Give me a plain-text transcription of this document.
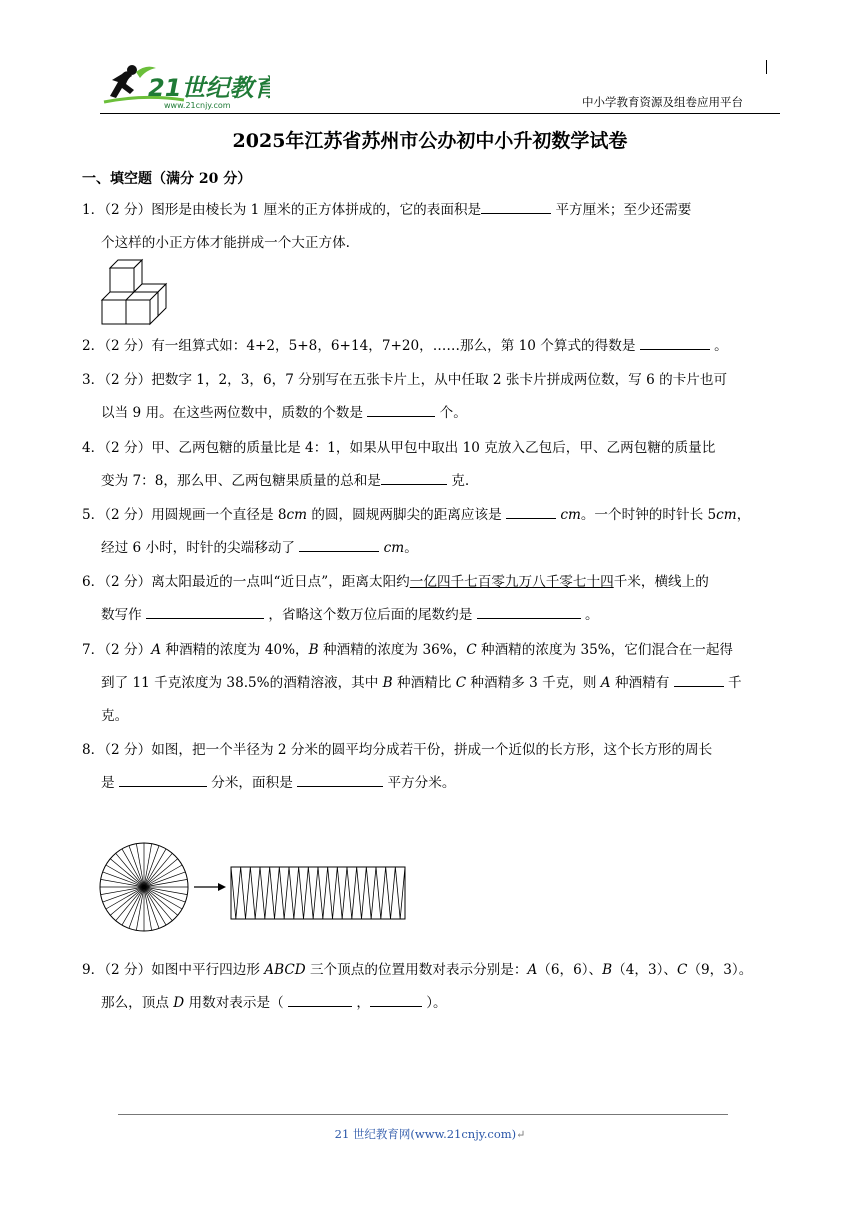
21世纪教育
www.21cnjy.com	中小学教育资源及组卷应用平台
2025年江苏省苏州市公办初中小升初数学试卷
一、填空题（满分 20 分）
1．（2 分）图形是由棱长为 1 厘米的正方体拼成的，它的表面积是	平方厘米；至少还需要
个这样的小正方体才能拼成一个大正方体.
2．（2 分）有一组算式如：4+2，5+8，6+14，7+20，……那么，第 10 个算式的得数是	。
3．（2 分）把数字 1，2，3，6，7 分别写在五张卡片上，从中任取 2 张卡片拼成两位数，写 6 的卡片也可
以当 9 用。在这些两位数中，质数的个数是	个。
4．（2 分）甲、乙两包糖的质量比是 4：1，如果从甲包中取出 10 克放入乙包后，甲、乙两包糖的质量比
变为 7：8，那么甲、乙两包糖果质量的总和是	克.
5．（2 分）用圆规画一个直径是 8cm 的圆，圆规两脚尖的距离应该是	cm。一个时钟的时针长 5cm，
经过 6 小时，时针的尖端移动了	cm。
6．（2 分）离太阳最近的一点叫“近日点”，距离太阳约一亿四千七百零九万八千零七十四千米，横线上的
数写作	，省略这个数万位后面的尾数约是	。
7．（2 分）A 种酒精的浓度为 40%，B 种酒精的浓度为 36%，C 种酒精的浓度为 35%，它们混合在一起得
到了 11 千克浓度为 38.5%的酒精溶液，其中 B 种酒精比 C 种酒精多 3 千克，则 A 种酒精有	千
克。
8．（2 分）如图，把一个半径为 2 分米的圆平均分成若干份，拼成一个近似的长方形，这个长方形的周长
是	分米，面积是	平方分米。
9．（2 分）如图中平行四边形 ABCD 三个顶点的位置用数对表示分别是：A（6，6）、B（4，3）、C（9，3）。
那么，顶点 D 用数对表示是（	，	）。
21 世纪教育网(www.21cnjy.com)↵
